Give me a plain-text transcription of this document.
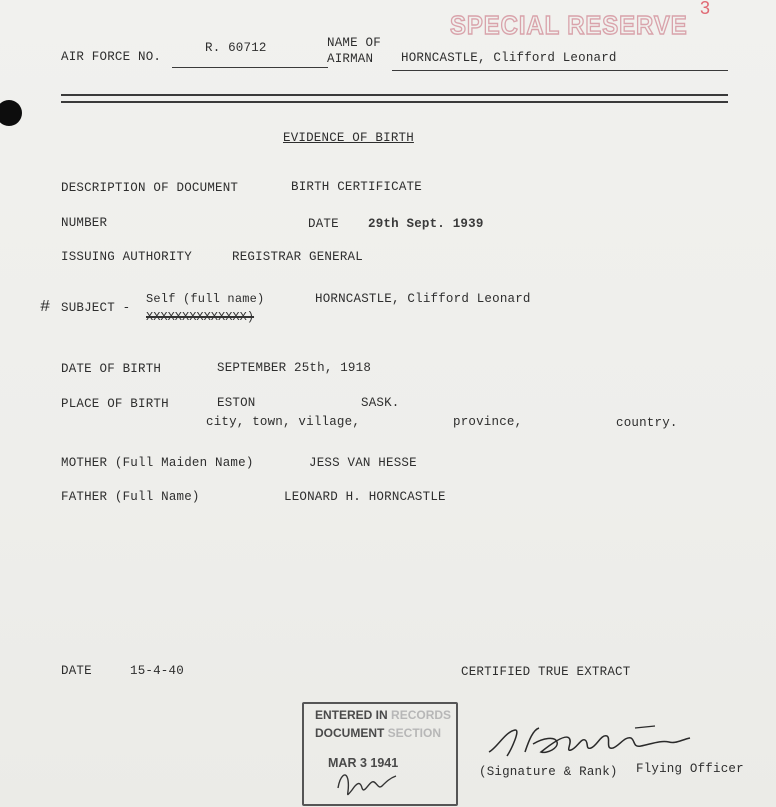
3
SPECIAL RESERVE
AIR FORCE NO.
R. 60712	NAME OF
AIRMAN HORNCASTLE, Clifford Leonard
EVIDENCE OF BIRTH
DESCRIPTION OF DOCUMENT	BIRTH CERTIFICATE
NUMBER	DATE 29th Sept. 1939
ISSUING AUTHORITY	REGISTRAR GENERAL
# SUBJECT -
Self (full name)
XXXXXXXXXXXXXX)
HORNCASTLE, Clifford Leonard
DATE OF BIRTH	SEPTEMBER 25th, 1918
PLACE OF BIRTH	ESTON	SASK.
city, town, village,	province,	country.
MOTHER (Full Maiden Name)	JESS VAN HESSE
FATHER (Full Name)	LEONARD H. HORNCASTLE
DATE	15-4-40	CERTIFIED TRUE EXTRACT
ENTERED IN RECORDS
DOCUMENT SECTION
MAR 3 1941
(Signature & Rank) Flying Officer
